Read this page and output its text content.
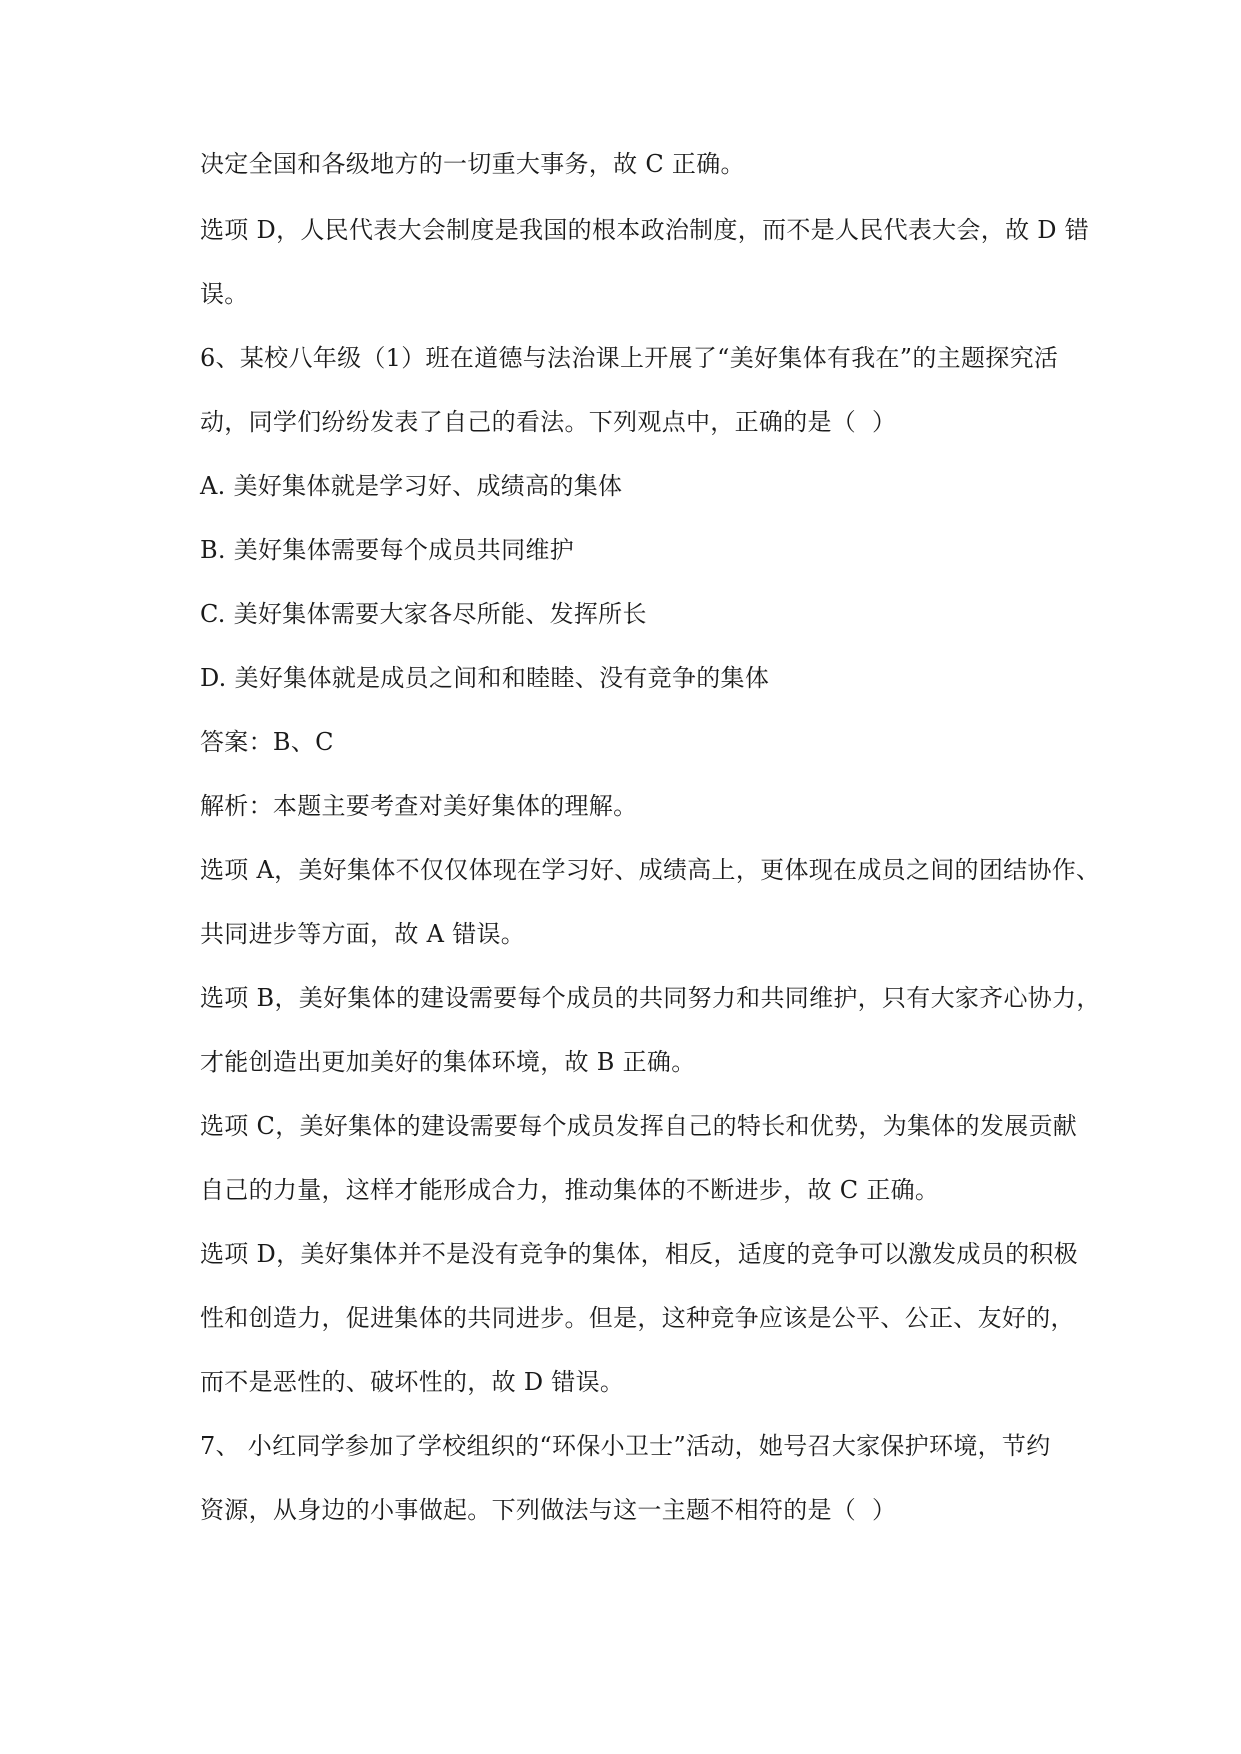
决定全国和各级地方的一切重大事务，故 C 正确。
选项 D，人民代表大会制度是我国的根本政治制度，而不是人民代表大会，故 D 错
误。
6、某校八年级（1）班在道德与法治课上开展了“美好集体有我在”的主题探究活
动，同学们纷纷发表了自己的看法。下列观点中，正确的是（  ）
A. 美好集体就是学习好、成绩高的集体
B. 美好集体需要每个成员共同维护
C. 美好集体需要大家各尽所能、发挥所长
D. 美好集体就是成员之间和和睦睦、没有竞争的集体
答案：B、C
解析：本题主要考查对美好集体的理解。
选项 A，美好集体不仅仅体现在学习好、成绩高上，更体现在成员之间的团结协作、
共同进步等方面，故 A 错误。
选项 B，美好集体的建设需要每个成员的共同努力和共同维护，只有大家齐心协力，
才能创造出更加美好的集体环境，故 B 正确。
选项 C，美好集体的建设需要每个成员发挥自己的特长和优势，为集体的发展贡献
自己的力量，这样才能形成合力，推动集体的不断进步，故 C 正确。
选项 D，美好集体并不是没有竞争的集体，相反，适度的竞争可以激发成员的积极
性和创造力，促进集体的共同进步。但是，这种竞争应该是公平、公正、友好的，
而不是恶性的、破坏性的，故 D 错误。
7、 小红同学参加了学校组织的“环保小卫士”活动，她号召大家保护环境，节约
资源，从身边的小事做起。下列做法与这一主题不相符的是（  ）
